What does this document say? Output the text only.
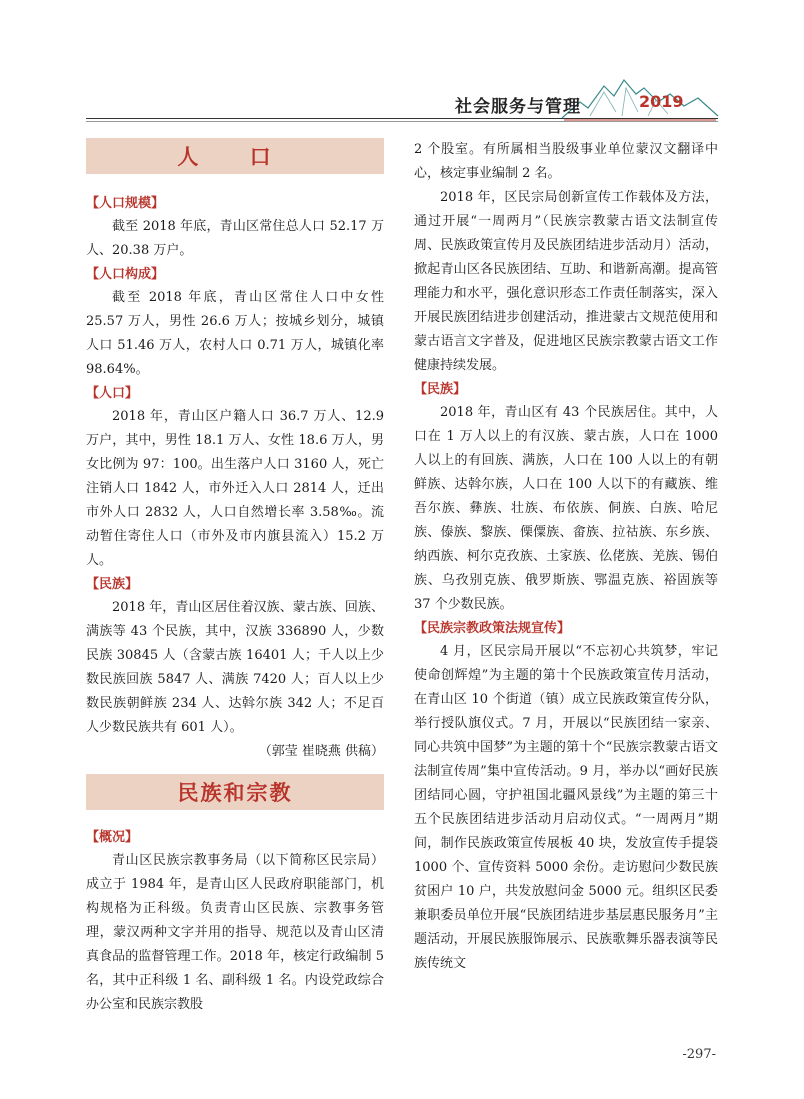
社会服务与管理	2019
人 口

【人口规模】

截至 2018 年底，青山区常住总人口 52.17 万人、20.38 万户。

【人口构成】

截至 2018 年底，青山区常住人口中女性 25.57 万人，男性 26.6 万人；按城乡划分，城镇人口 51.46 万人，农村人口 0.71 万人，城镇化率 98.64%。

【人口】

2018 年，青山区户籍人口 36.7 万人、12.9 万户，其中，男性 18.1 万人、女性 18.6 万人，男女比例为 97：100。出生落户人口 3160 人，死亡注销人口 1842 人，市外迁入人口 2814 人，迁出市外人口 2832 人，人口自然增长率 3.58‰。流动暂住寄住人口（市外及市内旗县流入）15.2 万人。

【民族】

2018 年，青山区居住着汉族、蒙古族、回族、满族等 43 个民族，其中，汉族 336890 人，少数民族 30845 人（含蒙古族 16401 人；千人以上少数民族回族 5847 人、满族 7420 人；百人以上少数民族朝鲜族 234 人、达斡尔族 342 人；不足百人少数民族共有 601 人）。

（郭莹 崔晓燕 供稿）

民族和宗教

【概况】

青山区民族宗教事务局（以下简称区民宗局）成立于 1984 年，是青山区人民政府职能部门，机构规格为正科级。负责青山区民族、宗教事务管理，蒙汉两种文字并用的指导、规范以及青山区清真食品的监督管理工作。2018 年，核定行政编制 5 名，其中正科级 1 名、副科级 1 名。内设党政综合办公室和民族宗教股

2 个股室。有所属相当股级事业单位蒙汉文翻译中心，核定事业编制 2 名。

2018 年，区民宗局创新宣传工作载体及方法，通过开展“一周两月”（民族宗教蒙古语文法制宣传周、民族政策宣传月及民族团结进步活动月）活动，掀起青山区各民族团结、互助、和谐新高潮。提高管理能力和水平，强化意识形态工作责任制落实，深入开展民族团结进步创建活动，推进蒙古文规范使用和蒙古语言文字普及，促进地区民族宗教蒙古语文工作健康持续发展。

【民族】

2018 年，青山区有 43 个民族居住。其中，人口在 1 万人以上的有汉族、蒙古族，人口在 1000 人以上的有回族、满族，人口在 100 人以上的有朝鲜族、达斡尔族，人口在 100 人以下的有藏族、维吾尔族、彝族、壮族、布依族、侗族、白族、哈尼族、傣族、黎族、傈僳族、畲族、拉祜族、东乡族、纳西族、柯尔克孜族、土家族、仫佬族、羌族、锡伯族、乌孜别克族、俄罗斯族、鄂温克族、裕固族等 37 个少数民族。

【民族宗教政策法规宣传】

4 月，区民宗局开展以“不忘初心共筑梦，牢记使命创辉煌”为主题的第十个民族政策宣传月活动，在青山区 10 个街道（镇）成立民族政策宣传分队，举行授队旗仪式。7 月，开展以“民族团结一家亲、同心共筑中国梦”为主题的第十个“民族宗教蒙古语文法制宣传周”集中宣传活动。9 月，举办以“画好民族团结同心圆，守护祖国北疆风景线”为主题的第三十五个民族团结进步活动月启动仪式。“一周两月”期间，制作民族政策宣传展板 40 块，发放宣传手提袋 1000 个、宣传资料 5000 余份。走访慰问少数民族贫困户 10 户，共发放慰问金 5000 元。组织区民委兼职委员单位开展“民族团结进步基层惠民服务月”主题活动，开展民族服饰展示、民族歌舞乐器表演等民族传统文

-297-
